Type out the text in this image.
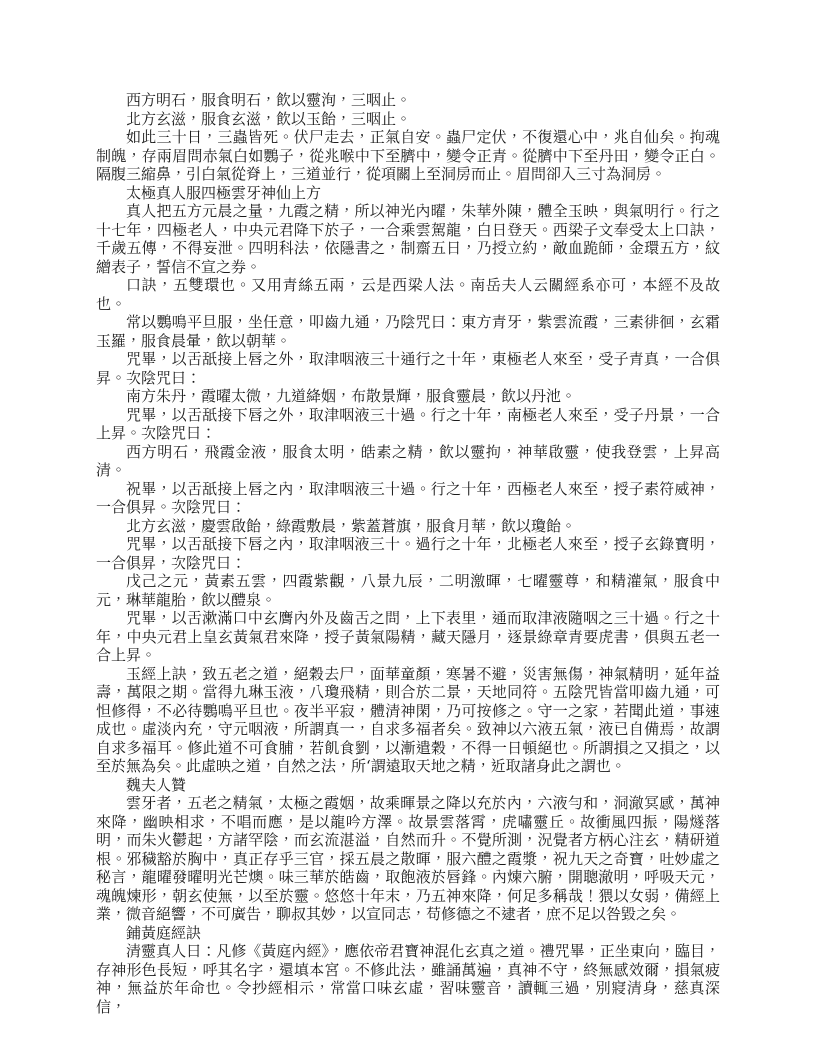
西方明石，服食明石，飲以靈洵，三咽止。

北方玄滋，服食玄滋，飲以玉飴，三咽止。

如此三十日，三蟲皆死。伏尸走去，正氣自安。蟲尸定伏，不復還心中，兆自仙矣。拘魂制魄，存兩眉問赤氣白如鸚子，從兆喉中下至臍中，變令正青。從臍中下至丹田，變令正白。隔腹三縮鼻，引白氣從脊上，三道並行，從項關上至洞房而止。眉問卻入三寸為洞房。

太極真人服四極雲牙神仙上方

真人把五方元晨之量，九霞之精，所以神光內曜，朱華外陳，體全玉映，與氣明行。行之十七年，四極老人，中央元君降下於子，一合乘雲駕龍，白日登天。西梁子文奉受太上口訣，千歲五傳，不得妄泄。四明科法，依隱書之，制齋五日，乃授立約，敵血跪師，金環五方，紋繒表子，誓信不宣之券。

口訣，五雙環也。又用青絲五兩，云是西梁人法。南岳夫人云關經系亦可，本經不及故也。

常以鸚鳴平旦服，坐任意，叩齒九通，乃陰咒曰：東方青牙，紫雲流霞，三素徘徊，玄霜玉羅，服食晨暈，飲以朝華。

咒畢，以舌舐接上唇之外，取津咽液三十通行之十年，東極老人來至，受子青真，一合俱昇。次陰咒曰：

南方朱丹，霞曜太微，九道絳姻，布散景輝，服食靈晨，飲以丹池。

咒畢，以舌舐接下唇之外，取津咽液三十過。行之十年，南極老人來至，受子丹景，一合上昇。次陰咒曰：

西方明石，飛霞金液，服食太明，皓素之精，飲以靈拘，神華啟靈，使我登雲，上昇高清。

祝畢，以舌舐接上唇之內，取津咽液三十過。行之十年，西極老人來至，授子素符威神，一合俱昇。次陰咒曰：

北方玄滋，慶雲啟飴，綠霞敷晨，紫蓋蒼旗，服食月華，飲以瓊飴。

咒畢，以舌舐接下唇之內，取津咽液三十。過行之十年，北極老人來至，授子玄錄寶明，一合俱昇，次陰咒曰：

戊己之元，黃素五雲，四霞紫觀，八景九辰，二明激暉，七曜靈尊，和精灌氣，服食中元，琳華龍胎，飲以醴泉。

咒畢，以舌漱滿口中玄膺內外及齒舌之問，上下表里，通而取津液隨咽之三十過。行之十年，中央元君上皇玄黃氣君來降，授子黃氣陽精，藏天隱月，逐景綠章青要虎書，俱與五老一合上昇。

玉經上訣，致五老之道，絕穀去尸，面華童顏，寒暑不避，災害無傷，神氣精明，延年益壽，萬限之期。當得九琳玉液，八瓊飛精，則合於二景，天地同符。五陰咒皆當叩齒九通，可怛修得，不必待鸚鳴平旦也。夜半平寂，體清神閑，乃可按修之。守一之家，若聞此道，事速成也。虛淡內充，守元咽液，所謂真一，自求多福者矣。致神以六液五氣，液已自備焉，故謂自求多福耳。修此道不可食脯，若飢食劉，以漸遣穀，不得一日頓絕也。所謂損之又損之，以至於無為矣。此虛映之道，自然之法，所‘謂遠取天地之精，近取諸身此之謂也。

魏夫人贊

雲牙者，五老之精氣，太極之霞姻，故乘暉景之降以充於內，六液勻和，洞澈冥感，萬神來降，幽映相求，不唱而應，是以龍吟方澤。故景雲落霄，虎嘯靈丘。故衝風四振，陽燧落明，而朱火鬱起，方諸罕陰，而玄流湛溢，自然而升。不覺所測，況覺者方柄心注玄，精研道根。邪穢豁於胸中，真正存乎三官，採五晨之散暉，服六醴之霞漿，祝九天之奇寶，吐妙虛之秘言，龍曜發曜明光芒燠。味三華於皓齒，取飽液於唇鋒。內煉六腑，開聰澈明，呼吸天元，魂魄煉形，朝玄使無，以至於靈。悠悠十年末，乃五神來降，何足多稱哉！猥以女弱，備經上業，微音絕響，不可廣告，聊叔其妙，以宣同志，苟修德之不逮者，庶不足以咎毀之矣。

鋪黃庭經訣

清靈真人曰：凡修《黃庭內經》，應依帝君寶神混化玄真之道。禮咒畢，正坐東向，臨目，存神形色長短，呼其名字，還填本宮。不修此法，雖誦萬遍，真神不守，終無感效爾，損氣疲神，無益於年命也。令抄經相示，常當口味玄虛，習味靈音，讀輒三過，別寢清身，慈真深信，
